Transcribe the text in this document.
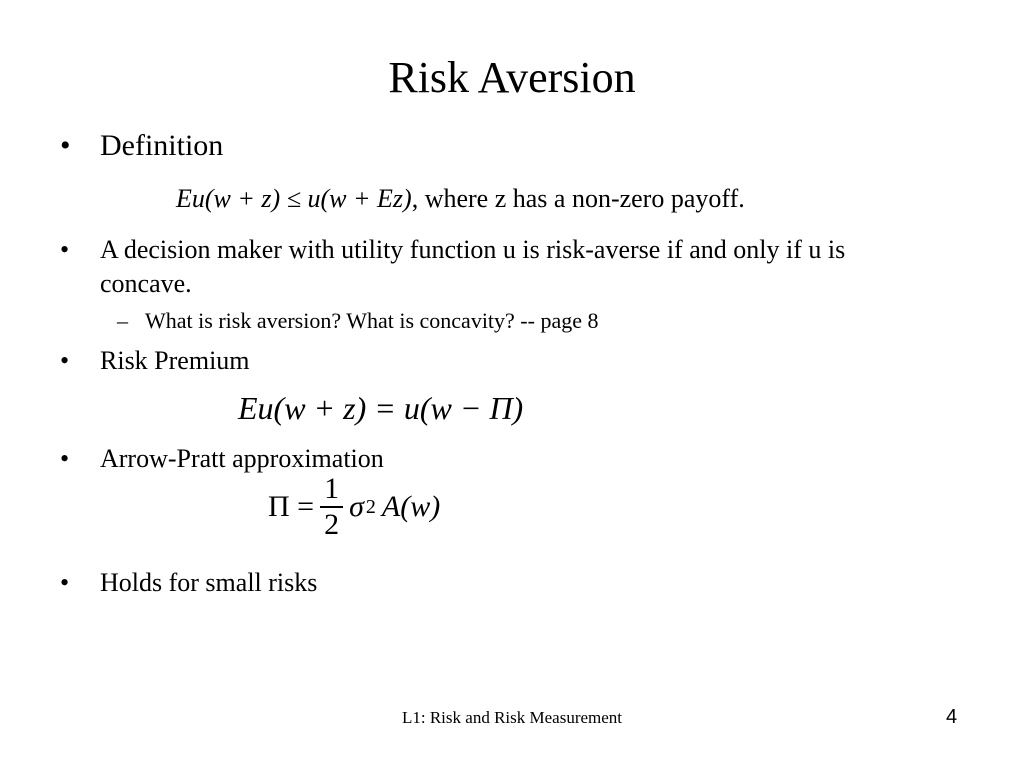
Risk Aversion
• Definition
Eu(w + z) ≤ u(w + Ez), where z has a non-zero payoff.
•	A decision maker with utility function u is risk-averse if and only if u is concave.
– What is risk aversion? What is concavity? -- page 8
•	Risk Premium
Eu(w + z) = u(w − Π)
•	Arrow-Pratt approximation
$\Pi = \frac{1}{2}$ σ 2 A(w)
•	Holds for small risks
L1: Risk and Risk Measurement	4
